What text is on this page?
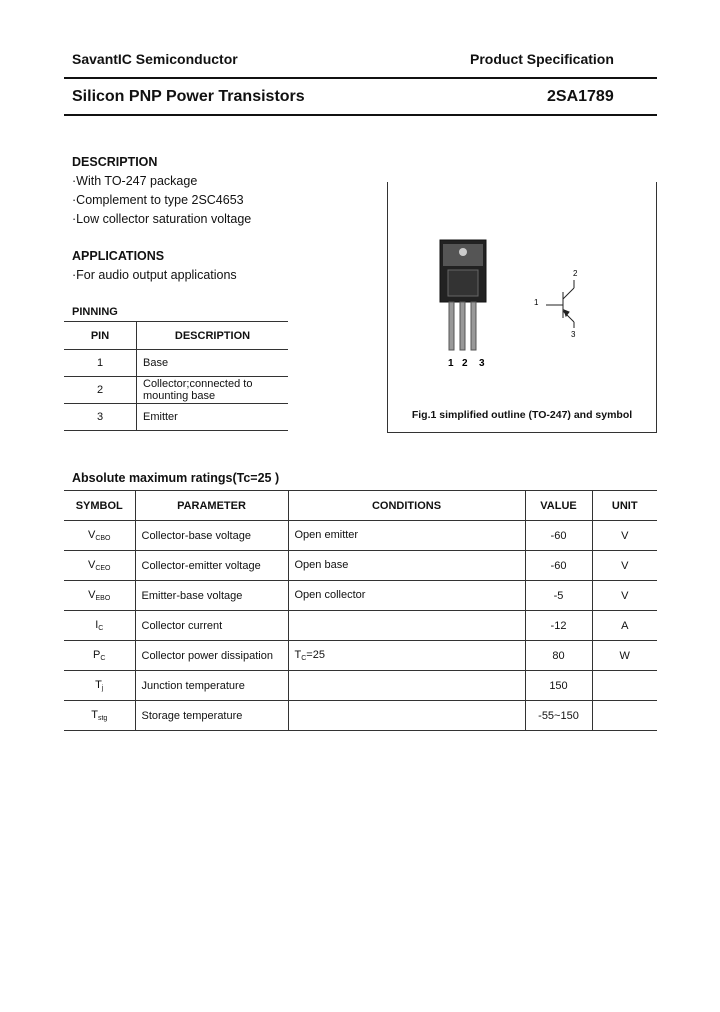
SavantIC Semiconductor	Product Specification
Silicon PNP Power Transistors	2SA1789
DESCRIPTION
·With TO-247 package
·Complement to type 2SC4653
·Low collector saturation voltage
APPLICATIONS
·For audio output applications
PINNING
PIN	DESCRIPTION
1	Base
2	Collector;connected to mounting base
3	Emitter
1 2 3
1
2
3
Fig.1 simplified outline (TO-247) and symbol
Absolute maximum ratings(Tc=25 )
SYMBOL	PARAMETER	CONDITIONS	VALUE	UNIT
$V_{CBO}$	Collector-base voltage	Open emitter	-60	V
$V_{CEO}$	Collector-emitter voltage	Open base	-60	V
$V_{EBO}$	Emitter-base voltage	Open collector	-5	V
$I_C$	Collector current		-12	A
$P_C$	Collector power dissipation	$T_C=25$	80	W
$T_j$	Junction temperature		150	
$T_{stg}$	Storage temperature		-55~150	
